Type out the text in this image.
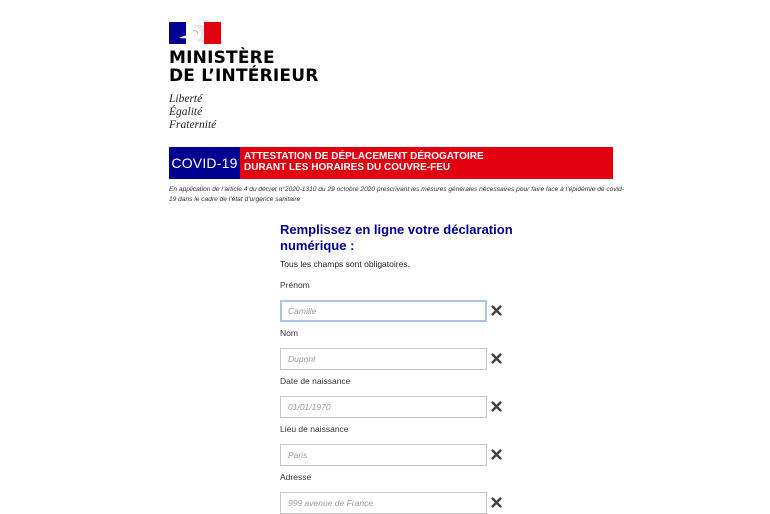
MINISTÈRE
DE L’INTÉRIEUR
Liberté
Égalité
Fraternité
COVID-19 ATTESTATION DE DÉPLACEMENT DÉROGATOIRE
DURANT LES HORAIRES DU COUVRE-FEU
En application de l’article 4 du décret n°2020-1310 du 29 octobre 2020 prescrivant les mesures générales nécessaires pour faire face à l’épidémie de covid-19 dans le cadre de l’état d’urgence sanitaire
Remplissez en ligne votre déclaration numérique :
Tous les champs sont obligatoires.
Prénom
Camille
Nom
Dupont
Date de naissance
01/01/1970
Lieu de naissance
Paris
Adresse
999 avenue de France
